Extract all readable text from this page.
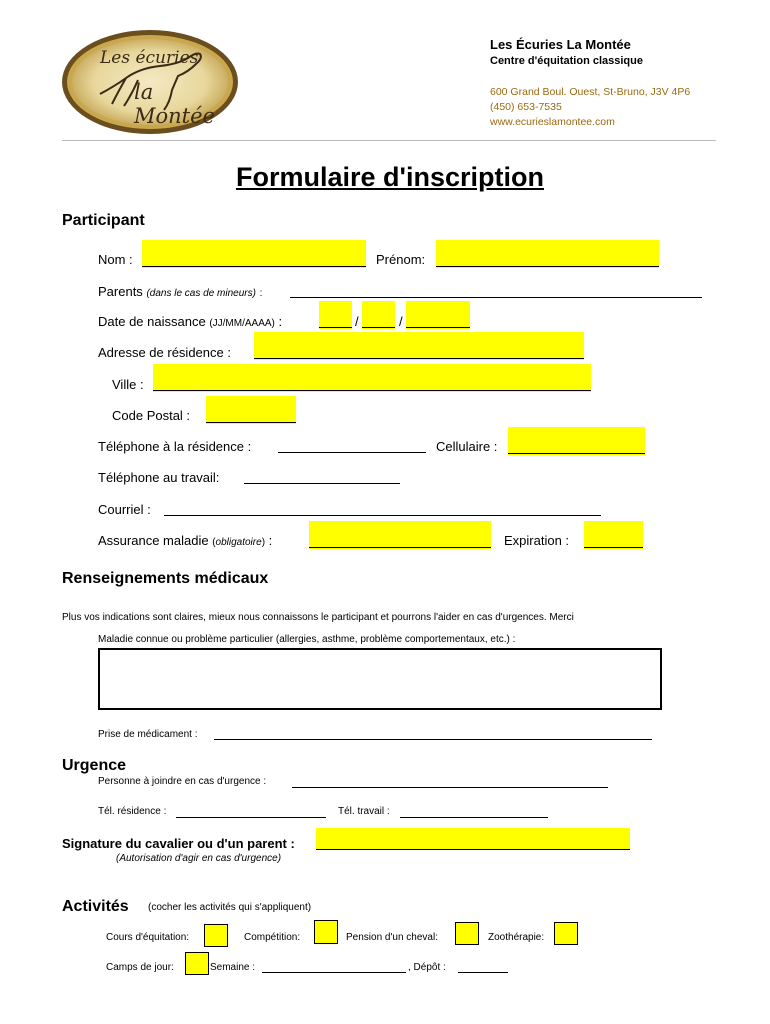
Les écuries
la Montée
Les Écuries La Montée
Centre d'équitation classique
600 Grand Boul. Ouest, St-Bruno, J3V 4P6
(450) 653-7535
www.ecurieslamontee.com
Formulaire d'inscription
Participant
Nom :	Prénom:
Parents (dans le cas de mineurs) :
Date de naissance (JJ/MM/AAAA) :	/	/
Adresse de résidence :
Ville :
Code Postal :
Téléphone à la résidence :	Cellulaire :
Téléphone au travail:
Courriel :
Assurance maladie (obligatoire) :	Expiration :
Renseignements médicaux
Plus vos indications sont claires, mieux nous connaissons le participant et pourrons l'aider en cas d'urgences. Merci
Maladie connue ou problème particulier (allergies, asthme, problème comportementaux, etc.) :
Prise de médicament :
Urgence
Personne à joindre en cas d'urgence :
Tél. résidence :	Tél. travail :
Signature du cavalier ou d'un parent :
(Autorisation d'agir en cas d'urgence)
Activités (cocher les activités qui s'appliquent)
Cours d'équitation:	Compétition:	Pension d'un cheval:	Zoothérapie:
Camps de jour:	Semaine :	, Dépôt :
